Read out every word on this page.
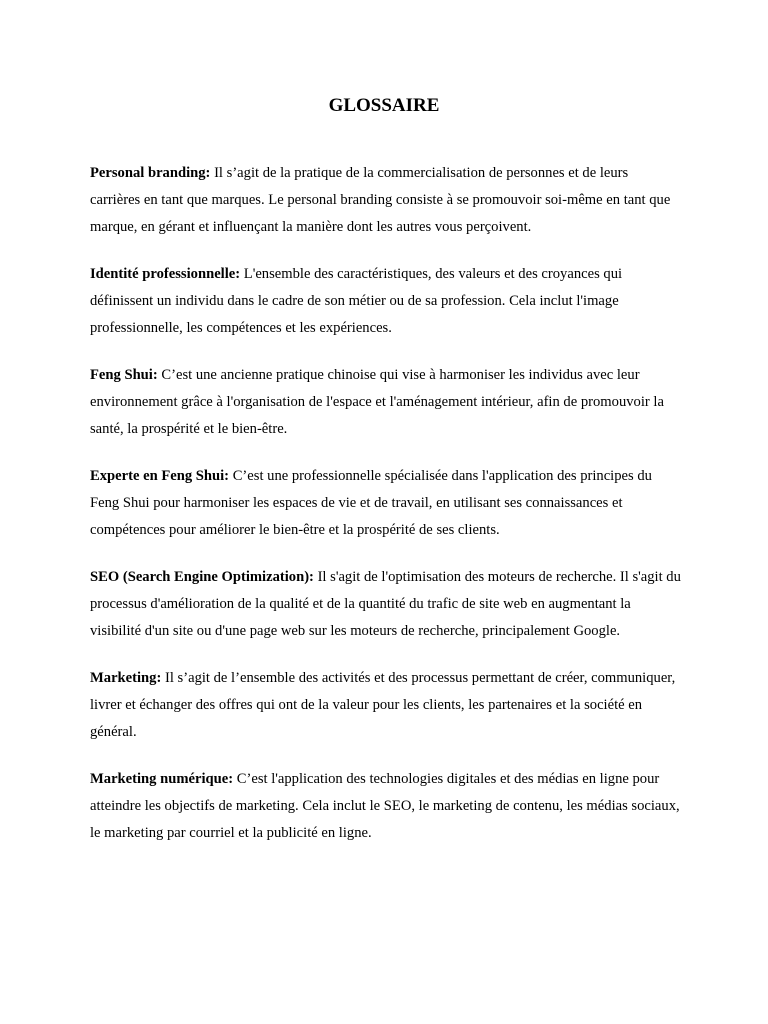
GLOSSAIRE

Personal branding: Il s’agit de la pratique de la commercialisation de personnes et de leurs carrières en tant que marques. Le personal branding consiste à se promouvoir soi-même en tant que marque, en gérant et influençant la manière dont les autres vous perçoivent.

Identité professionnelle: L'ensemble des caractéristiques, des valeurs et des croyances qui définissent un individu dans le cadre de son métier ou de sa profession. Cela inclut l'image professionnelle, les compétences et les expériences.

Feng Shui: C’est une ancienne pratique chinoise qui vise à harmoniser les individus avec leur environnement grâce à l'organisation de l'espace et l'aménagement intérieur, afin de promouvoir la santé, la prospérité et le bien-être.

Experte en Feng Shui: C’est une professionnelle spécialisée dans l'application des principes du Feng Shui pour harmoniser les espaces de vie et de travail, en utilisant ses connaissances et compétences pour améliorer le bien-être et la prospérité de ses clients.

SEO (Search Engine Optimization): Il s'agit de l'optimisation des moteurs de recherche. Il s'agit du processus d'amélioration de la qualité et de la quantité du trafic de site web en augmentant la visibilité d'un site ou d'une page web sur les moteurs de recherche, principalement Google.

Marketing: Il s’agit de l’ensemble des activités et des processus permettant de créer, communiquer, livrer et échanger des offres qui ont de la valeur pour les clients, les partenaires et la société en général.

Marketing numérique: C’est l'application des technologies digitales et des médias en ligne pour atteindre les objectifs de marketing. Cela inclut le SEO, le marketing de contenu, les médias sociaux, le marketing par courriel et la publicité en ligne.
